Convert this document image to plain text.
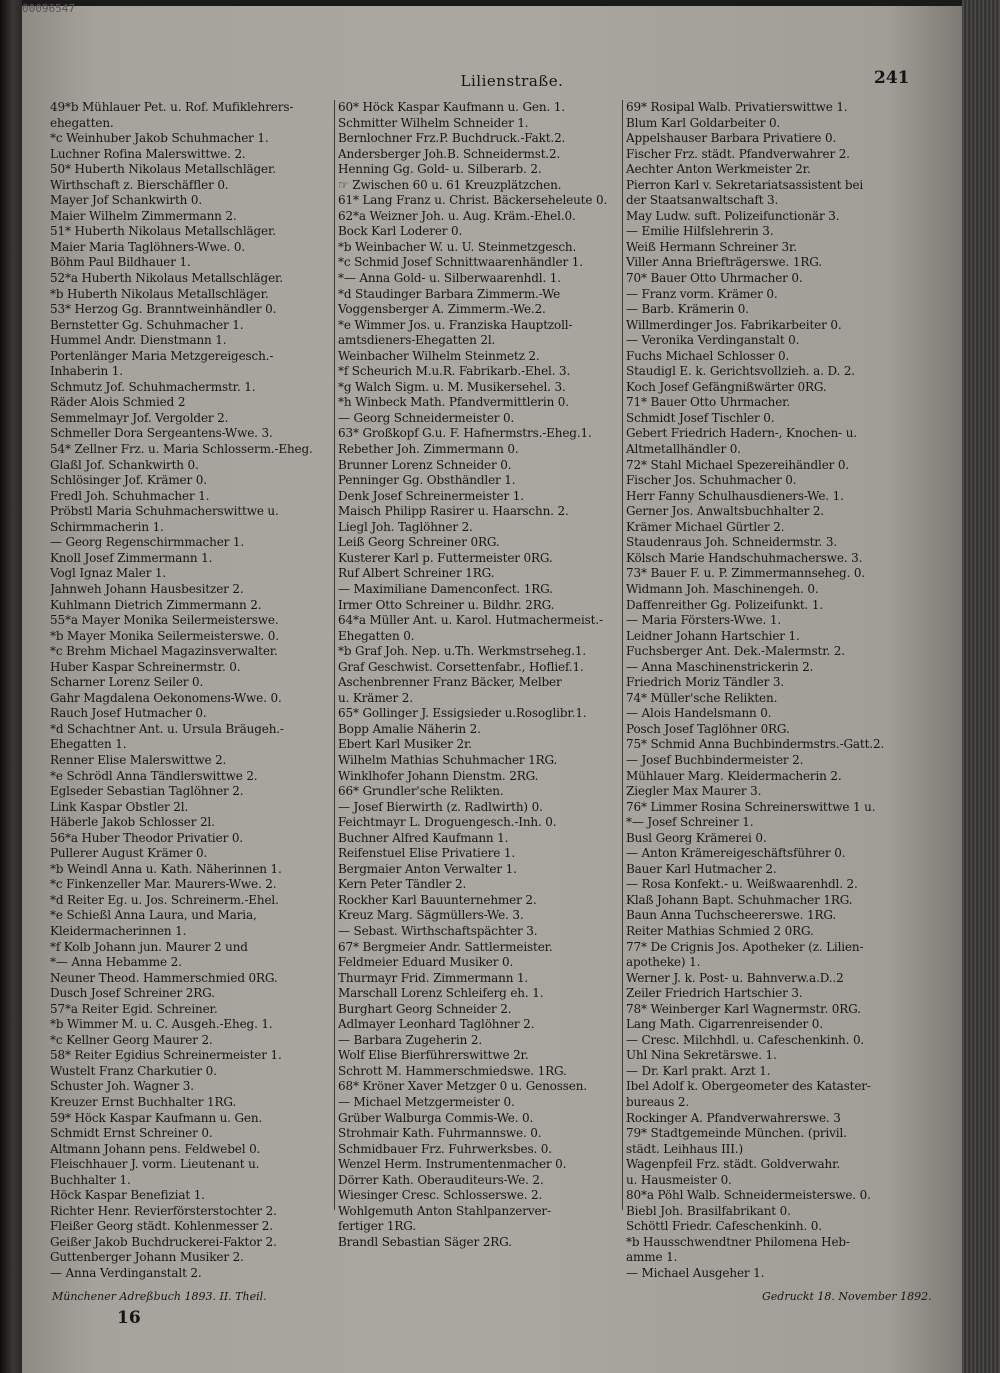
00096547
Lilienstraße.	241
49*b Mühlauer Pet. u. Rof. Mufiklehrers-
ehegatten.
*c Weinhuber Jakob Schuhmacher 1.
Luchner Rofina Malerswittwe. 2.
50* Huberth Nikolaus Metallschläger.
Wirthschaft z. Bierschäffler 0.
Mayer Jof Schankwirth 0.
Maier Wilhelm Zimmermann 2.
51* Huberth Nikolaus Metallschläger.
Maier Maria Taglöhners-Wwe. 0.
Böhm Paul Bildhauer 1.
52*a Huberth Nikolaus Metallschläger.
*b Huberth Nikolaus Metallschläger.
53* Herzog Gg. Branntweinhändler 0.
Bernstetter Gg. Schuhmacher 1.
Hummel Andr. Dienstmann 1.
Portenlänger Maria Metzgereigesch.-
Inhaberin 1.
Schmutz Jof. Schuhmachermstr. 1.
Räder Alois Schmied 2
Semmelmayr Jof. Vergolder 2.
Schmeller Dora Sergeantens-Wwe. 3.
54* Zellner Frz. u. Maria Schlosserm.-Eheg.
Glaßl Jof. Schankwirth 0.
Schlösinger Jof. Krämer 0.
Fredl Joh. Schuhmacher 1.
Pröbstl Maria Schuhmacherswittwe u.
Schirmmacherin 1.
— Georg Regenschirmmacher 1.
Knoll Josef Zimmermann 1.
Vogl Ignaz Maler 1.
Jahnweh Johann Hausbesitzer 2.
Kuhlmann Dietrich Zimmermann 2.
55*a Mayer Monika Seilermeisterswe.
*b Mayer Monika Seilermeisterswe. 0.
*c Brehm Michael Magazinsverwalter.
Huber Kaspar Schreinermstr. 0.
Scharner Lorenz Seiler 0.
Gahr Magdalena Oekonomens-Wwe. 0.
Rauch Josef Hutmacher 0.
*d Schachtner Ant. u. Ursula Bräugeh.-
Ehegatten 1.
Renner Elise Malerswittwe 2.
*e Schrödl Anna Tändlerswittwe 2.
Eglseder Sebastian Taglöhner 2.
Link Kaspar Obstler 2l.
Häberle Jakob Schlosser 2l.
56*a Huber Theodor Privatier 0.
Pullerer August Krämer 0.
*b Weindl Anna u. Kath. Näherinnen 1.
*c Finkenzeller Mar. Maurers-Wwe. 2.
*d Reiter Eg. u. Jos. Schreinerm.-Ehel.
*e Schießl Anna Laura, und Maria,
Kleidermacherinnen 1.
*f Kolb Johann jun. Maurer 2 und
*— Anna Hebamme 2.
Neuner Theod. Hammerschmied 0RG.
Dusch Josef Schreiner 2RG.
57*a Reiter Egid. Schreiner.
*b Wimmer M. u. C. Ausgeh.-Eheg. 1.
*c Kellner Georg Maurer 2.
58* Reiter Egidius Schreinermeister 1.
Wustelt Franz Charkutier 0.
Schuster Joh. Wagner 3.
Kreuzer Ernst Buchhalter 1RG.
59* Höck Kaspar Kaufmann u. Gen.
Schmidt Ernst Schreiner 0.
Altmann Johann pens. Feldwebel 0.
Fleischhauer J. vorm. Lieutenant u.
Buchhalter 1.
Höck Kaspar Benefiziat 1.
Richter Henr. Revierförsterstochter 2.
Fleißer Georg städt. Kohlenmesser 2.
Geißer Jakob Buchdruckerei-Faktor 2.
Guttenberger Johann Musiker 2.
— Anna Verdinganstalt 2.
60* Höck Kaspar Kaufmann u. Gen. 1.
Schmitter Wilhelm Schneider 1.
Bernlochner Frz.P. Buchdruck.-Fakt.2.
Andersberger Joh.B. Schneidermst.2.
Henning Gg. Gold- u. Silberarb. 2.
☞ Zwischen 60 u. 61 Kreuzplätzchen.
61* Lang Franz u. Christ. Bäckerseheleute 0.
62*a Weizner Joh. u. Aug. Kräm.-Ehel.0.
Bock Karl Loderer 0.
*b Weinbacher W. u. U. Steinmetzgesch.
*c Schmid Josef Schnittwaarenhändler 1.
*— Anna Gold- u. Silberwaarenhdl. 1.
*d Staudinger Barbara Zimmerm.-We
Voggensberger A. Zimmerm.-We.2.
*e Wimmer Jos. u. Franziska Hauptzoll-
amtsdieners-Ehegatten 2l.
Weinbacher Wilhelm Steinmetz 2.
*f Scheurich M.u.R. Fabrikarb.-Ehel. 3.
*g Walch Sigm. u. M. Musikersehel. 3.
*h Winbeck Math. Pfandvermittlerin 0.
— Georg Schneidermeister 0.
63* Großkopf G.u. F. Hafnermstrs.-Eheg.1.
Rebether Joh. Zimmermann 0.
Brunner Lorenz Schneider 0.
Penninger Gg. Obsthändler 1.
Denk Josef Schreinermeister 1.
Maisch Philipp Rasirer u. Haarschn. 2.
Liegl Joh. Taglöhner 2.
Leiß Georg Schreiner 0RG.
Kusterer Karl p. Futtermeister 0RG.
Ruf Albert Schreiner 1RG.
— Maximiliane Damenconfect. 1RG.
Irmer Otto Schreiner u. Bildhr. 2RG.
64*a Müller Ant. u. Karol. Hutmachermeist.-
Ehegatten 0.
*b Graf Joh. Nep. u.Th. Werkmstrseheg.1.
Graf Geschwist. Corsettenfabr., Hoflief.1.
Aschenbrenner Franz Bäcker, Melber
u. Krämer 2.
65* Gollinger J. Essigsieder u.Rosoglibr.1.
Bopp Amalie Näherin 2.
Ebert Karl Musiker 2r.
Wilhelm Mathias Schuhmacher 1RG.
Winklhofer Johann Dienstm. 2RG.
66* Grundler'sche Relikten.
— Josef Bierwirth (z. Radlwirth) 0.
Feichtmayr L. Droguengesch.-Inh. 0.
Buchner Alfred Kaufmann 1.
Reifenstuel Elise Privatiere 1.
Bergmaier Anton Verwalter 1.
Kern Peter Tändler 2.
Rockher Karl Bauunternehmer 2.
Kreuz Marg. Sägmüllers-We. 3.
— Sebast. Wirthschaftspächter 3.
67* Bergmeier Andr. Sattlermeister.
Feldmeier Eduard Musiker 0.
Thurmayr Frid. Zimmermann 1.
Marschall Lorenz Schleiferg eh. 1.
Burghart Georg Schneider 2.
Adlmayer Leonhard Taglöhner 2.
— Barbara Zugeherin 2.
Wolf Elise Bierführerswittwe 2r.
Schrott M. Hammerschmiedswe. 1RG.
68* Kröner Xaver Metzger 0 u. Genossen.
— Michael Metzgermeister 0.
Grüber Walburga Commis-We. 0.
Strohmair Kath. Fuhrmannswe. 0.
Schmidbauer Frz. Fuhrwerksbes. 0.
Wenzel Herm. Instrumentenmacher 0.
Dörrer Kath. Oberauditeurs-We. 2.
Wiesinger Cresc. Schlosserswe. 2.
Wohlgemuth Anton Stahlpanzerver-
fertiger 1RG.
Brandl Sebastian Säger 2RG.
69* Rosipal Walb. Privatierswittwe 1.
Blum Karl Goldarbeiter 0.
Appelshauser Barbara Privatiere 0.
Fischer Frz. städt. Pfandverwahrer 2.
Aechter Anton Werkmeister 2r.
Pierron Karl v. Sekretariatsassistent bei
der Staatsanwaltschaft 3.
May Ludw. suft. Polizeifunctionär 3.
— Emilie Hilfslehrerin 3.
Weiß Hermann Schreiner 3r.
Viller Anna Briefträgerswe. 1RG.
70* Bauer Otto Uhrmacher 0.
— Franz vorm. Krämer 0.
— Barb. Krämerin 0.
Willmerdinger Jos. Fabrikarbeiter 0.
— Veronika Verdinganstalt 0.
Fuchs Michael Schlosser 0.
Staudigl E. k. Gerichtsvollzieh. a. D. 2.
Koch Josef Gefängnißwärter 0RG.
71* Bauer Otto Uhrmacher.
Schmidt Josef Tischler 0.
Gebert Friedrich Hadern-, Knochen- u.
Altmetallhändler 0.
72* Stahl Michael Spezereihändler 0.
Fischer Jos. Schuhmacher 0.
Herr Fanny Schulhausdieners-We. 1.
Gerner Jos. Anwaltsbuchhalter 2.
Krämer Michael Gürtler 2.
Staudenraus Joh. Schneidermstr. 3.
Kölsch Marie Handschuhmacherswe. 3.
73* Bauer F. u. P. Zimmermannseheg. 0.
Widmann Joh. Maschinengeh. 0.
Daffenreither Gg. Polizeifunkt. 1.
— Maria Försters-Wwe. 1.
Leidner Johann Hartschier 1.
Fuchsberger Ant. Dek.-Malermstr. 2.
— Anna Maschinenstrickerin 2.
Friedrich Moriz Tändler 3.
74* Müller'sche Relikten.
— Alois Handelsmann 0.
Posch Josef Taglöhner 0RG.
75* Schmid Anna Buchbindermstrs.-Gatt.2.
— Josef Buchbindermeister 2.
Mühlauer Marg. Kleidermacherin 2.
Ziegler Max Maurer 3.
76* Limmer Rosina Schreinerswittwe 1 u.
*— Josef Schreiner 1.
Busl Georg Krämerei 0.
— Anton Krämereigeschäftsführer 0.
Bauer Karl Hutmacher 2.
— Rosa Konfekt.- u. Weißwaarenhdl. 2.
Klaß Johann Bapt. Schuhmacher 1RG.
Baun Anna Tuchscheererswe. 1RG.
Reiter Mathias Schmied 2 0RG.
77* De Crignis Jos. Apotheker (z. Lilien-
apotheke) 1.
Werner J. k. Post- u. Bahnverw.a.D..2
Zeiler Friedrich Hartschier 3.
78* Weinberger Karl Wagnermstr. 0RG.
Lang Math. Cigarrenreisender 0.
— Cresc. Milchhdl. u. Cafeschenkinh. 0.
Uhl Nina Sekretärswe. 1.
— Dr. Karl prakt. Arzt 1.
Ibel Adolf k. Obergeometer des Kataster-
bureaus 2.
Rockinger A. Pfandverwahrerswe. 3
79* Stadtgemeinde München. (privil.
städt. Leihhaus III.)
Wagenpfeil Frz. städt. Goldverwahr.
u. Hausmeister 0.
80*a Pöhl Walb. Schneidermeisterswe. 0.
Biebl Joh. Brasilfabrikant 0.
Schöttl Friedr. Cafeschenkinh. 0.
*b Hausschwendtner Philomena Heb-
amme 1.
— Michael Ausgeher 1.
Münchener Adreßbuch 1893. II. Theil.
16
Gedruckt 18. November 1892.
